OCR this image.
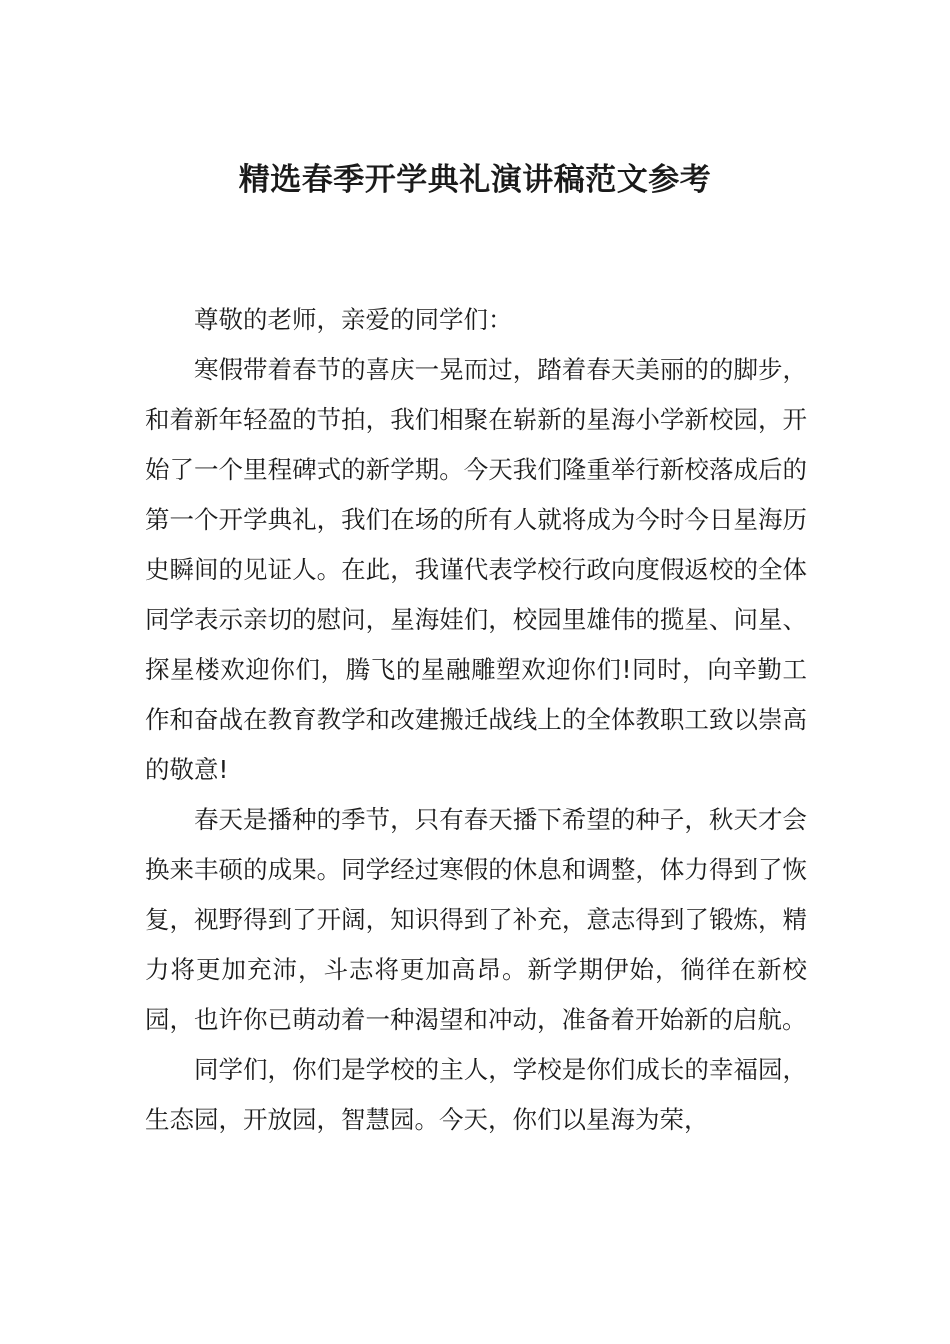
精选春季开学典礼演讲稿范文参考

尊敬的老师，亲爱的同学们：

寒假带着春节的喜庆一晃而过，踏着春天美丽的的脚步，和着新年轻盈的节拍，我们相聚在崭新的星海小学新校园，开始了一个里程碑式的新学期。今天我们隆重举行新校落成后的第一个开学典礼，我们在场的所有人就将成为今时今日星海历史瞬间的见证人。在此，我谨代表学校行政向度假返校的全体同学表示亲切的慰问，星海娃们，校园里雄伟的揽星、问星、探星楼欢迎你们，腾飞的星融雕塑欢迎你们!同时，向辛勤工作和奋战在教育教学和改建搬迁战线上的全体教职工致以崇高的敬意!

春天是播种的季节，只有春天播下希望的种子，秋天才会换来丰硕的成果。同学经过寒假的休息和调整，体力得到了恢复，视野得到了开阔，知识得到了补充，意志得到了锻炼，精力将更加充沛，斗志将更加高昂。新学期伊始，徜徉在新校园，也许你已萌动着一种渴望和冲动，准备着开始新的启航。

同学们，你们是学校的主人，学校是你们成长的幸福园，生态园，开放园，智慧园。今天，你们以星海为荣，
